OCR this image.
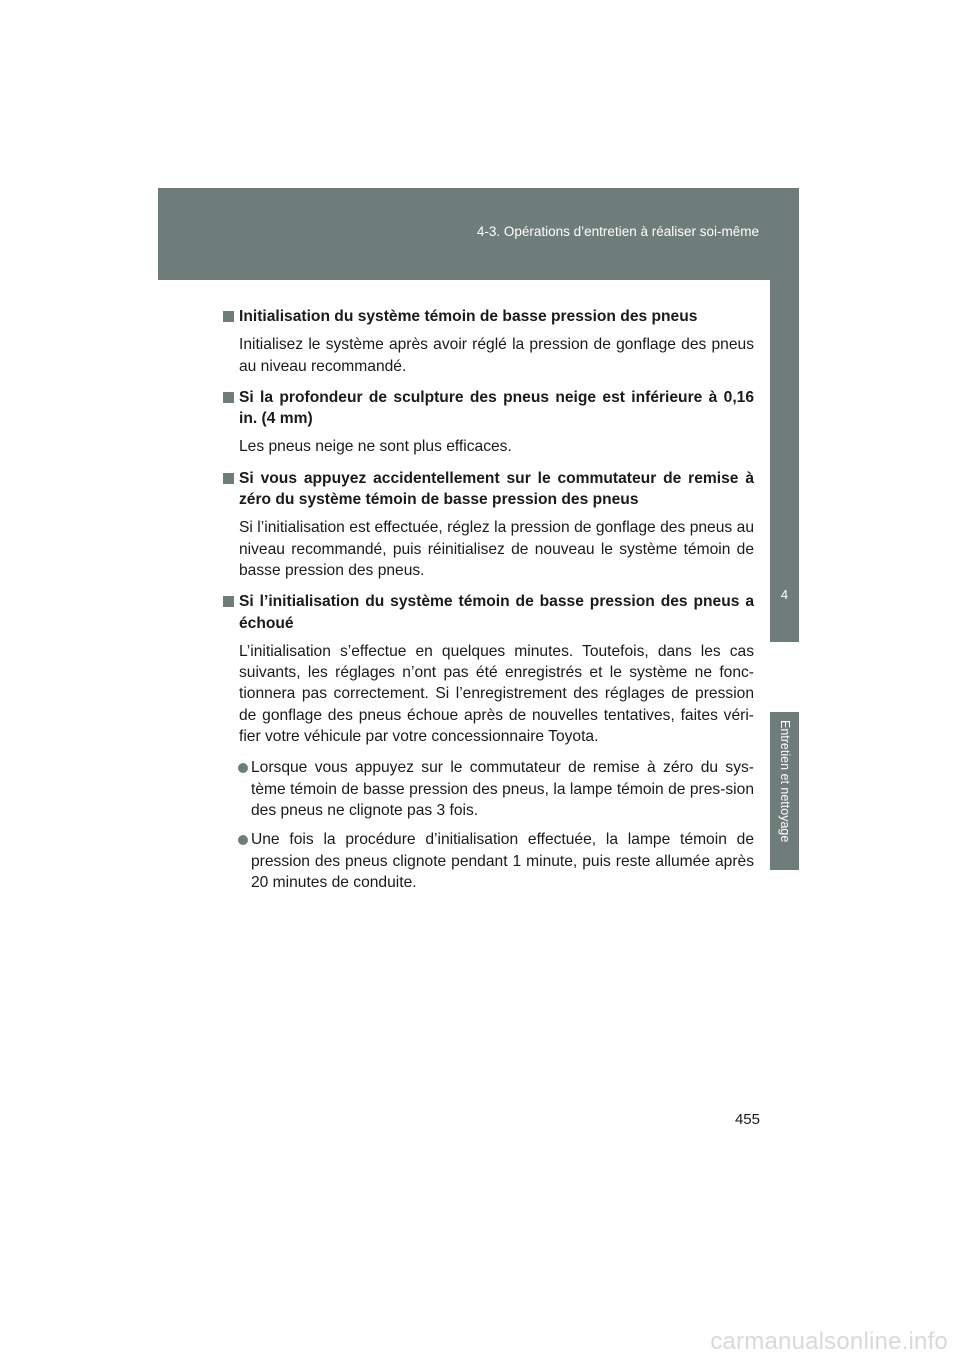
4-3. Opérations d’entretien à réaliser soi-même
4
Entretien et nettoyage

Initialisation du système témoin de basse pression des pneus

Initialisez le système après avoir réglé la pression de gonflage des pneus au niveau recommandé.

Si la profondeur de sculpture des pneus neige est inférieure à 0,16 in. (4 mm)

Les pneus neige ne sont plus efficaces.

Si vous appuyez accidentellement sur le commutateur de remise à zéro du système témoin de basse pression des pneus

Si l’initialisation est effectuée, réglez la pression de gonflage des pneus au niveau recommandé, puis réinitialisez de nouveau le système témoin de basse pression des pneus.

Si l’initialisation du système témoin de basse pression des pneus a échoué

L’initialisation s’effectue en quelques minutes. Toutefois, dans les cas suivants, les réglages n’ont pas été enregistrés et le système ne fonc-tionnera pas correctement. Si l’enregistrement des réglages de pression de gonflage des pneus échoue après de nouvelles tentatives, faites véri-fier votre véhicule par votre concessionnaire Toyota.

Lorsque vous appuyez sur le commutateur de remise à zéro du sys-tème témoin de basse pression des pneus, la lampe témoin de pres-sion des pneus ne clignote pas 3 fois.

Une fois la procédure d’initialisation effectuée, la lampe témoin de pression des pneus clignote pendant 1 minute, puis reste allumée après 20 minutes de conduite.

455
carmanualsonline.info
